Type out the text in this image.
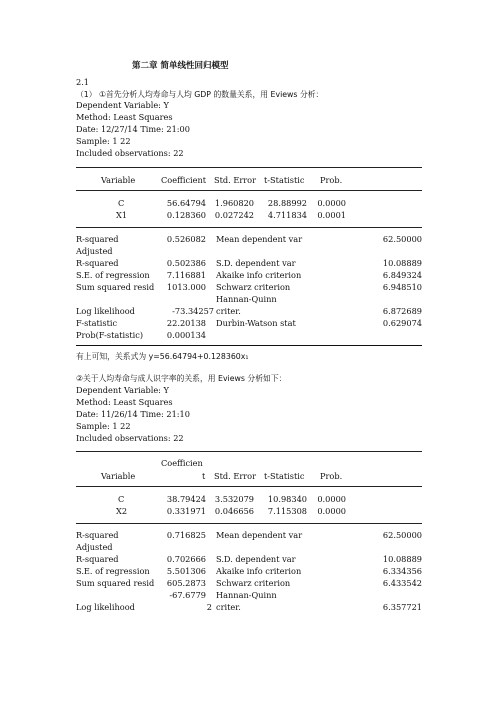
第二章 简单线性回归模型
2.1
（1） ①首先分析人均寿命与人均 GDP 的数量关系，用 Eviews 分析：
Dependent Variable: Y
Method: Least Squares
Date: 12/27/14 Time: 21:00
Sample: 1 22
Included observations: 22
Variable	Coefficient Std. Error t-Statistic Prob.
C	56.64794	1.960820	28.88992	0.0000
X1	0.128360	0.027242	4.711834	0.0001
R-squared	0.526082 Mean dependent var	62.50000
Adjusted
R-squared	0.502386 S.D. dependent var	10.08889
S.E. of regression	7.116881 Akaike info criterion	6.849324
Sum squared resid	1013.000 Schwarz criterion	6.948510
Hannan-Quinn
Log likelihood	-73.34257 criter.	6.872689
F-statistic	22.20138 Durbin-Watson stat	0.629074
Prob(F-statistic)	0.000134
有上可知，关系式为 y=56.64794+0.128360x₁
②关于人均寿命与成人识字率的关系，用 Eviews 分析如下：
Dependent Variable: Y
Method: Least Squares
Date: 11/26/14 Time: 21:10
Sample: 1 22
Included observations: 22
Coefficien
Variable	t Std. Error t-Statistic Prob.
C	38.79424	3.532079	10.98340	0.0000
X2	0.331971	0.046656	7.115308	0.0000
R-squared	0.716825 Mean dependent var	62.50000
Adjusted
R-squared	0.702666 S.D. dependent var	10.08889
S.E. of regression	5.501306 Akaike info criterion	6.334356
Sum squared resid	605.2873 Schwarz criterion	6.433542
-67.6779 Hannan-Quinn
Log likelihood	2 criter.	6.357721
